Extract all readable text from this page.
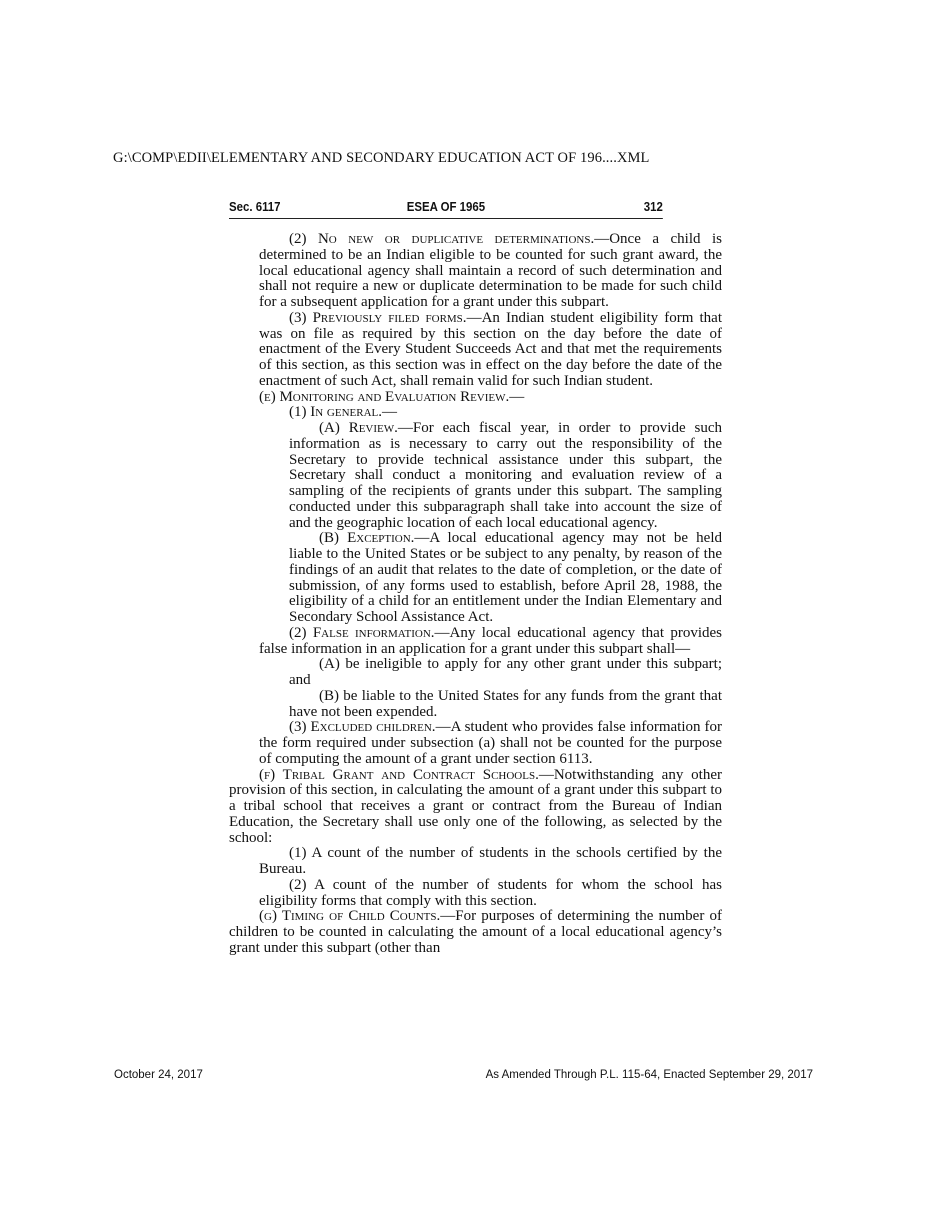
G:\COMP\EDII\ELEMENTARY AND SECONDARY EDUCATION ACT OF 196....XML
Sec. 6117	ESEA OF 1965	312

(2) No new or duplicative determinations.—Once a child is determined to be an Indian eligible to be counted for such grant award, the local educational agency shall maintain a record of such determination and shall not require a new or duplicate determination to be made for such child for a subsequent application for a grant under this subpart.

(3) Previously filed forms.—An Indian student eligibility form that was on file as required by this section on the day before the date of enactment of the Every Student Succeeds Act and that met the requirements of this section, as this section was in effect on the day before the date of the enactment of such Act, shall remain valid for such Indian student.

(e) Monitoring and Evaluation Review.—

(1) In general.—

(A) Review.—For each fiscal year, in order to provide such information as is necessary to carry out the responsibility of the Secretary to provide technical assistance under this subpart, the Secretary shall conduct a monitoring and evaluation review of a sampling of the recipients of grants under this subpart. The sampling conducted under this subparagraph shall take into account the size of and the geographic location of each local educational agency.

(B) Exception.—A local educational agency may not be held liable to the United States or be subject to any penalty, by reason of the findings of an audit that relates to the date of completion, or the date of submission, of any forms used to establish, before April 28, 1988, the eligibility of a child for an entitlement under the Indian Elementary and Secondary School Assistance Act.

(2) False information.—Any local educational agency that provides false information in an application for a grant under this subpart shall—

(A) be ineligible to apply for any other grant under this subpart; and

(B) be liable to the United States for any funds from the grant that have not been expended.

(3) Excluded children.—A student who provides false information for the form required under subsection (a) shall not be counted for the purpose of computing the amount of a grant under section 6113.

(f) Tribal Grant and Contract Schools.—Notwithstanding any other provision of this section, in calculating the amount of a grant under this subpart to a tribal school that receives a grant or contract from the Bureau of Indian Education, the Secretary shall use only one of the following, as selected by the school:

(1) A count of the number of students in the schools certified by the Bureau.

(2) A count of the number of students for whom the school has eligibility forms that comply with this section.

(g) Timing of Child Counts.—For purposes of determining the number of children to be counted in calculating the amount of a local educational agency’s grant under this subpart (other than

October 24, 2017	As Amended Through P.L. 115-64, Enacted September 29, 2017
